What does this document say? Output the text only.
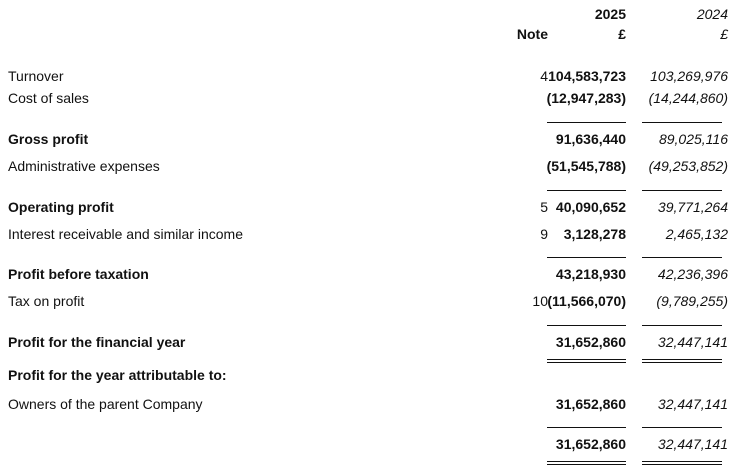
2025	2024
Note	£	£
Turnover	4 104,583,723	103,269,976
Cost of sales	(12,947,283)	(14,244,860)
Gross profit	91,636,440	89,025,116
Administrative expenses	(51,545,788)	(49,253,852)
Operating profit	5 40,090,652	39,771,264
Interest receivable and similar income	9	3,128,278	2,465,132
Profit before taxation	43,218,930	42,236,396
Tax on profit	10 (11,566,070)	(9,789,255)
Profit for the financial year	31,652,860	32,447,141
Profit for the year attributable to:
Owners of the parent Company	31,652,860	32,447,141
31,652,860	32,447,141
